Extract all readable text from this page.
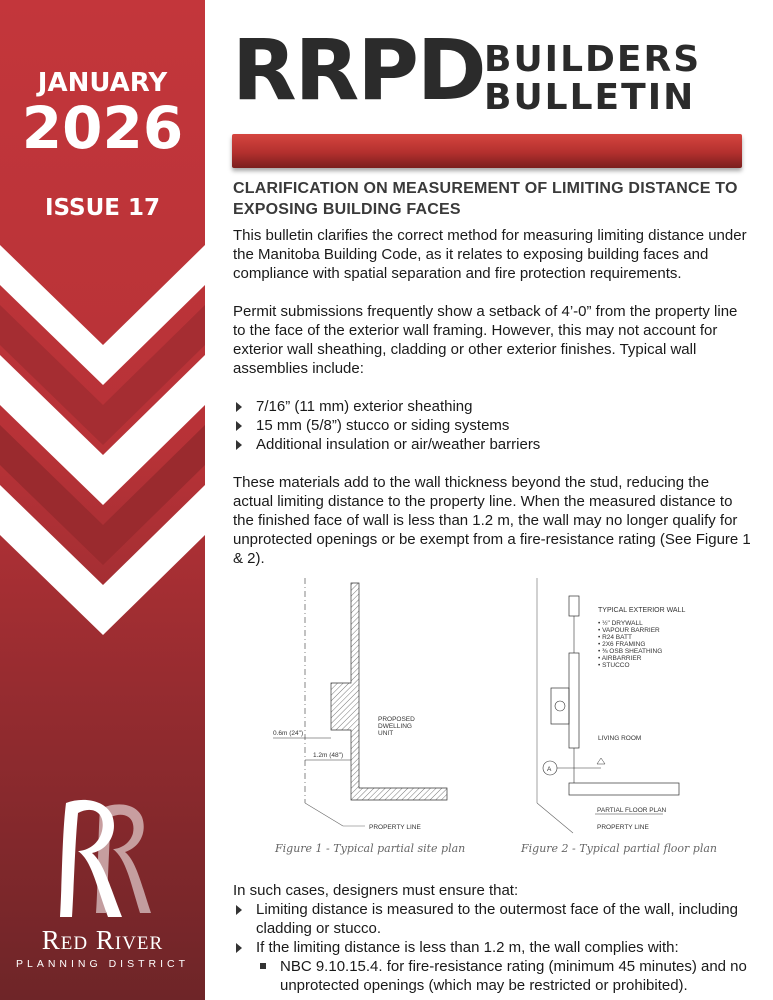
JANUARY
2026
ISSUE 17
Red River
PLANNING DISTRICT
RRPD BUILDERS
BULLETIN
CLARIFICATION ON MEASUREMENT OF LIMITING DISTANCE TO EXPOSING BUILDING FACES

This bulletin clarifies the correct method for measuring limiting distance under the Manitoba Building Code, as it relates to exposing building faces and compliance with spatial separation and fire protection requirements.

Permit submissions frequently show a setback of 4’-0” from the property line to the face of the exterior wall framing. However, this may not account for exterior wall sheathing, cladding or other exterior finishes. Typical wall assemblies include:

7/16” (11 mm) exterior sheathing
15 mm (5/8”) stucco or siding systems
Additional insulation or air/weather barriers

These materials add to the wall thickness beyond the stud, reducing the actual limiting distance to the property line. When the measured distance to the finished face of wall is less than 1.2 m, the wall may no longer qualify for unprotected openings or be exempt from a fire-resistance rating (See Figure 1 & 2).

0.6m (24")
1.2m (48")
PROPOSED
DWELLING
UNIT
PROPERTY LINE
TYPICAL EXTERIOR WALL
• ½" DRYWALL
• VAPOUR BARRIER
• R24 BATT
• 2X6 FRAMING
• ⅜ OSB SHEATHING
• AIRBARRIER
• STUCCO
LIVING ROOM
A
PARTIAL FLOOR PLAN
PROPERTY LINE
Figure 1 - Typical partial site plan	Figure 2 - Typical partial floor plan

In such cases, designers must ensure that:

Limiting distance is measured to the outermost face of the wall, including cladding or stucco.
If the limiting distance is less than 1.2 m, the wall complies with:
NBC 9.10.15.4. for fire-resistance rating (minimum 45 minutes) and no unprotected openings (which may be restricted or prohibited).
